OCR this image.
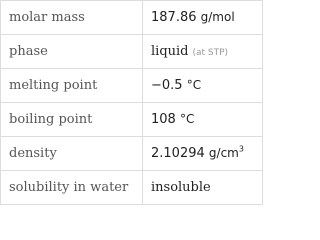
molar mass	187.86 g/mol
phase	liquid (at STP)
melting point	−0.5 °C
boiling point	108 °C
density	2.10294 $g/cm^3$
solubility in water	insoluble
